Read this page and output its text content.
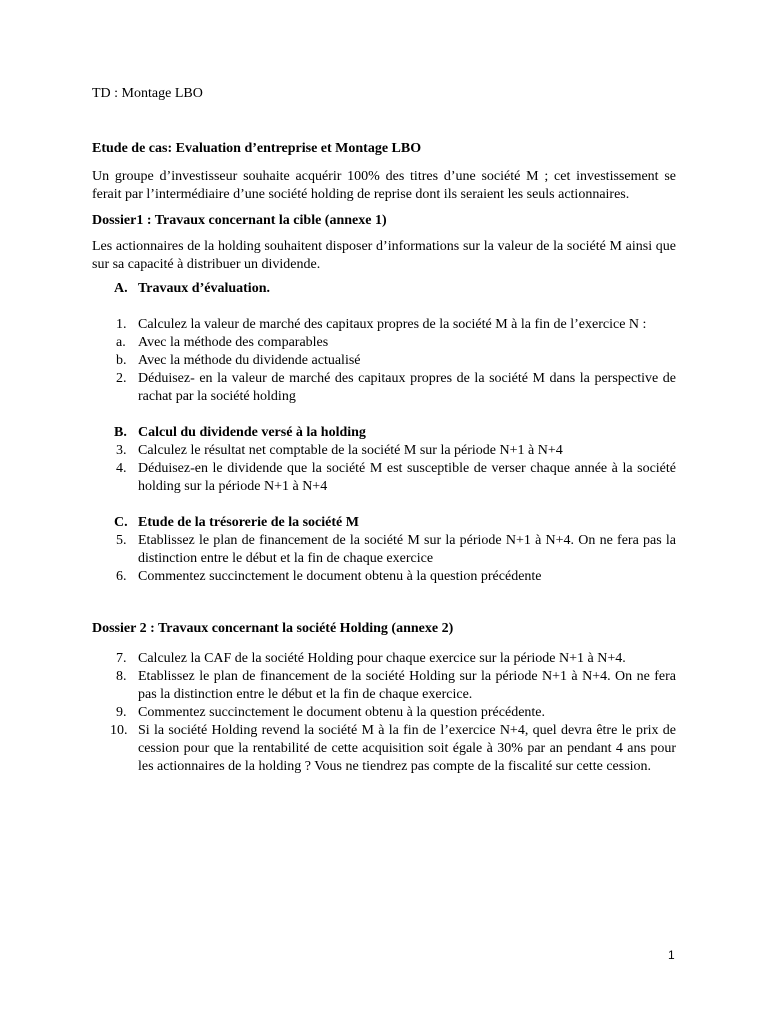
TD : Montage LBO

Etude de cas: Evaluation d’entreprise et Montage LBO

Un groupe d’investisseur souhaite acquérir 100% des titres d’une société M ; cet investissement se ferait par l’intermédiaire d’une société holding de reprise dont ils seraient les seuls actionnaires.

Dossier1 : Travaux concernant la cible (annexe 1)

Les actionnaires de la holding souhaitent disposer d’informations sur la valeur de la société M ainsi que sur sa capacité à distribuer un dividende.

A. Travaux d’évaluation.
1. Calculez la valeur de marché des capitaux propres de la société M à la fin de l’exercice N :
a. Avec la méthode des comparables
b. Avec la méthode du dividende actualisé
2. Déduisez- en la valeur de marché des capitaux propres de la société M dans la perspective de rachat par la société holding
B. Calcul du dividende versé à la holding
3. Calculez le résultat net comptable de la société M sur la période N+1 à N+4
4. Déduisez-en le dividende que la société M est susceptible de verser chaque année à la société holding sur la période N+1 à N+4
C. Etude de la trésorerie de la société M
5. Etablissez le plan de financement de la société M sur la période N+1 à N+4. On ne fera pas la distinction entre le début et la fin de chaque exercice
6. Commentez succinctement le document obtenu à la question précédente

Dossier 2 : Travaux concernant la société Holding (annexe 2)

7. Calculez la CAF de la société Holding pour chaque exercice sur la période N+1 à N+4.
8. Etablissez le plan de financement de la société Holding sur la période N+1 à N+4. On ne fera pas la distinction entre le début et la fin de chaque exercice.
9. Commentez succinctement le document obtenu à la question précédente.
10. Si la société Holding revend la société M à la fin de l’exercice N+4, quel devra être le prix de cession pour que la rentabilité de cette acquisition soit égale à 30% par an pendant 4 ans pour les actionnaires de la holding ? Vous ne tiendrez pas compte de la fiscalité sur cette cession.
1
